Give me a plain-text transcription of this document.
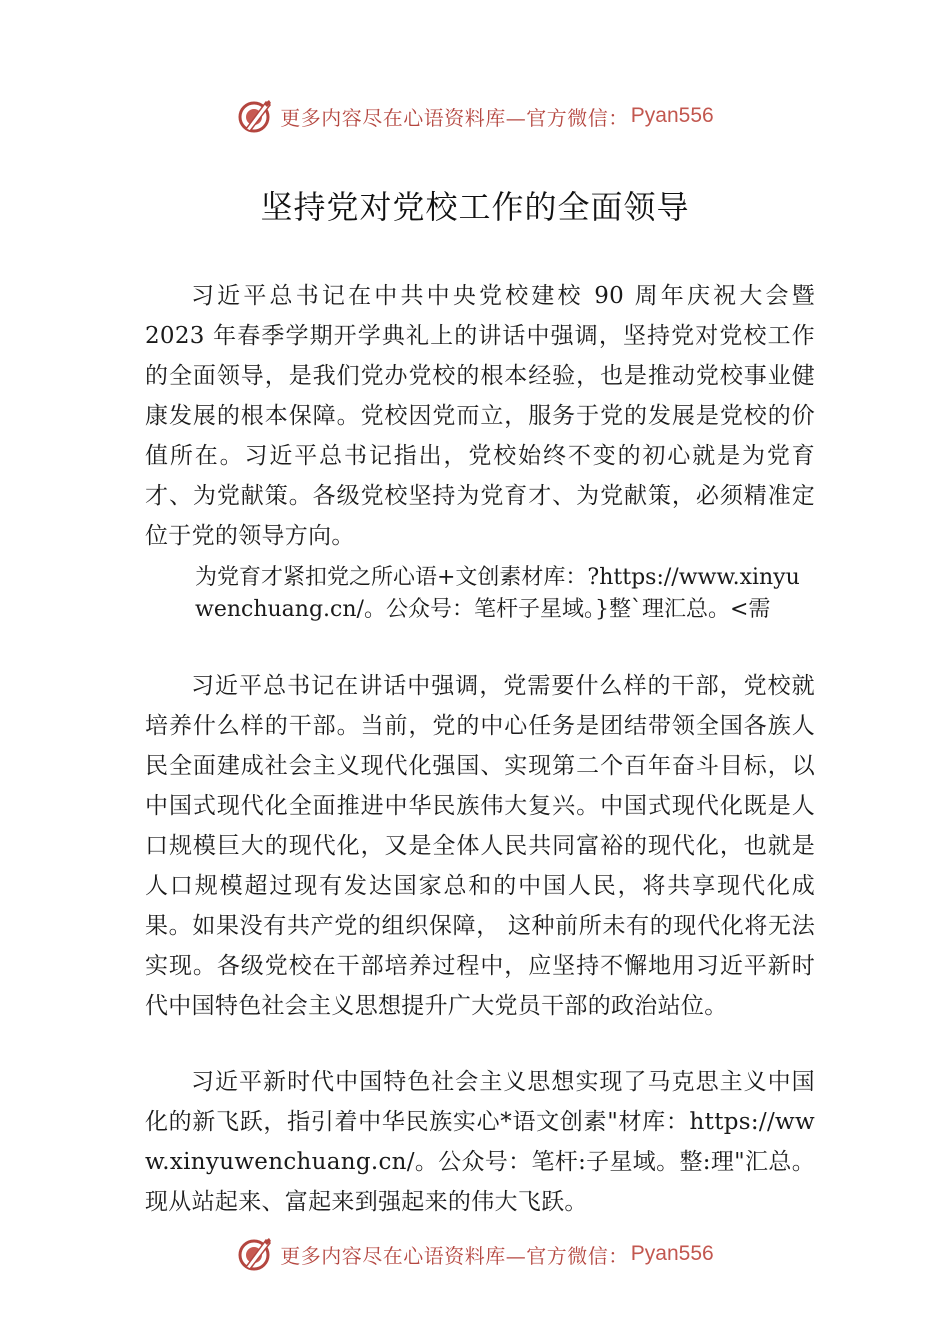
更多内容尽在心语资料库—官方微信： Pyan556
坚持党对党校工作的全面领导
习近平总书记在中共中央党校建校 90 周年庆祝大会暨 2023 年春季学期开学典礼上的讲话中强调，坚持党对党校工作的全面领导，是我们党办党校的根本经验，也是推动党校事业健康发展的根本保障。党校因党而立，服务于党的发展是党校的价值所在。习近平总书记指出，党校始终不变的初心就是为党育才、为党献策。各级党校坚持为党育才、为党献策，必须精准定位于党的领导方向。
为党育才紧扣党之所心语+文创素材库：?https://www.xinyuwenchuang.cn/。公众号：笔杆子星域。}整`理汇总。<需
习近平总书记在讲话中强调，党需要什么样的干部，党校就培养什么样的干部。当前，党的中心任务是团结带领全国各族人民全面建成社会主义现代化强国、实现第二个百年奋斗目标，以中国式现代化全面推进中华民族伟大复兴。中国式现代化既是人口规模巨大的现代化，又是全体人民共同富裕的现代化，也就是人口规模超过现有发达国家总和的中国人民，将共享现代化成果。如果没有共产党的组织保障， 这种前所未有的现代化将无法实现。各级党校在干部培养过程中，应坚持不懈地用习近平新时代中国特色社会主义思想提升广大党员干部的政治站位。
习近平新时代中国特色社会主义思想实现了马克思主义中国化的新飞跃，指引着中华民族实心*语文创素"材库：https://www.xinyuwenchuang.cn/。公众号：笔杆:子星域。整:理"汇总。现从站起来、富起来到强起来的伟大飞跃。
更多内容尽在心语资料库—官方微信： Pyan556
